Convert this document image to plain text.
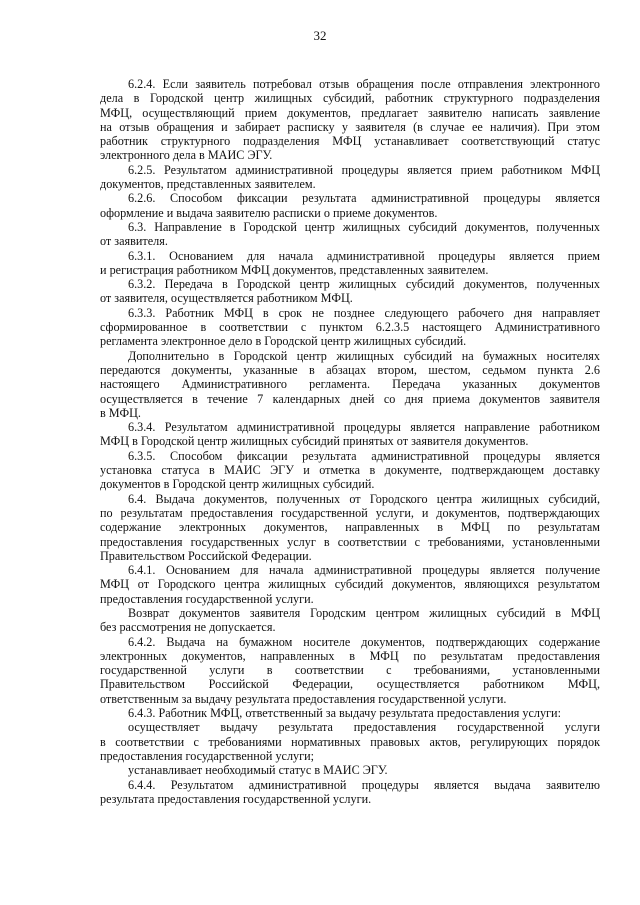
32

6.2.4. Если заявитель потребовал отзыв обращения после отправления электронного
дела в Городской центр жилищных субсидий, работник структурного подразделения
МФЦ, осуществляющий прием документов, предлагает заявителю написать заявление
на отзыв обращения и забирает расписку у заявителя (в случае ее наличия). При этом
работник структурного подразделения МФЦ устанавливает соответствующий статус
электронного дела в МАИС ЭГУ.

6.2.5. Результатом административной процедуры является прием работником МФЦ
документов, представленных заявителем.

6.2.6. Способом фиксации результата административной процедуры является
оформление и выдача заявителю расписки о приеме документов.

6.3. Направление в Городской центр жилищных субсидий документов, полученных
от заявителя.

6.3.1. Основанием для начала административной процедуры является прием
и регистрация работником МФЦ документов, представленных заявителем.

6.3.2. Передача в Городской центр жилищных субсидий документов, полученных
от заявителя, осуществляется работником МФЦ.

6.3.3. Работник МФЦ в срок не позднее следующего рабочего дня направляет
сформированное в соответствии с пунктом 6.2.3.5 настоящего Административного
регламента электронное дело в Городской центр жилищных субсидий.

Дополнительно в Городской центр жилищных субсидий на бумажных носителях
передаются документы, указанные в абзацах втором, шестом, седьмом пункта 2.6
настоящего Административного регламента. Передача указанных документов
осуществляется в течение 7 календарных дней со дня приема документов заявителя
в МФЦ.

6.3.4. Результатом административной процедуры является направление работником
МФЦ в Городской центр жилищных субсидий принятых от заявителя документов.

6.3.5. Способом фиксации результата административной процедуры является
установка статуса в МАИС ЭГУ и отметка в документе, подтверждающем доставку
документов в Городской центр жилищных субсидий.

6.4. Выдача документов, полученных от Городского центра жилищных субсидий,
по результатам предоставления государственной услуги, и документов, подтверждающих
содержание электронных документов, направленных в МФЦ по результатам
предоставления государственных услуг в соответствии с требованиями, установленными
Правительством Российской Федерации.

6.4.1. Основанием для начала административной процедуры является получение
МФЦ от Городского центра жилищных субсидий документов, являющихся результатом
предоставления государственной услуги.

Возврат документов заявителя Городским центром жилищных субсидий в МФЦ
без рассмотрения не допускается.

6.4.2. Выдача на бумажном носителе документов, подтверждающих содержание
электронных документов, направленных в МФЦ по результатам предоставления
государственной услуги в соответствии с требованиями, установленными
Правительством Российской Федерации, осуществляется работником МФЦ,
ответственным за выдачу результата предоставления государственной услуги.

6.4.3. Работник МФЦ, ответственный за выдачу результата предоставления услуги:

осуществляет выдачу результата предоставления государственной услуги
в соответствии с требованиями нормативных правовых актов, регулирующих порядок
предоставления государственной услуги;

устанавливает необходимый статус в МАИС ЭГУ.

6.4.4. Результатом административной процедуры является выдача заявителю
результата предоставления государственной услуги.
